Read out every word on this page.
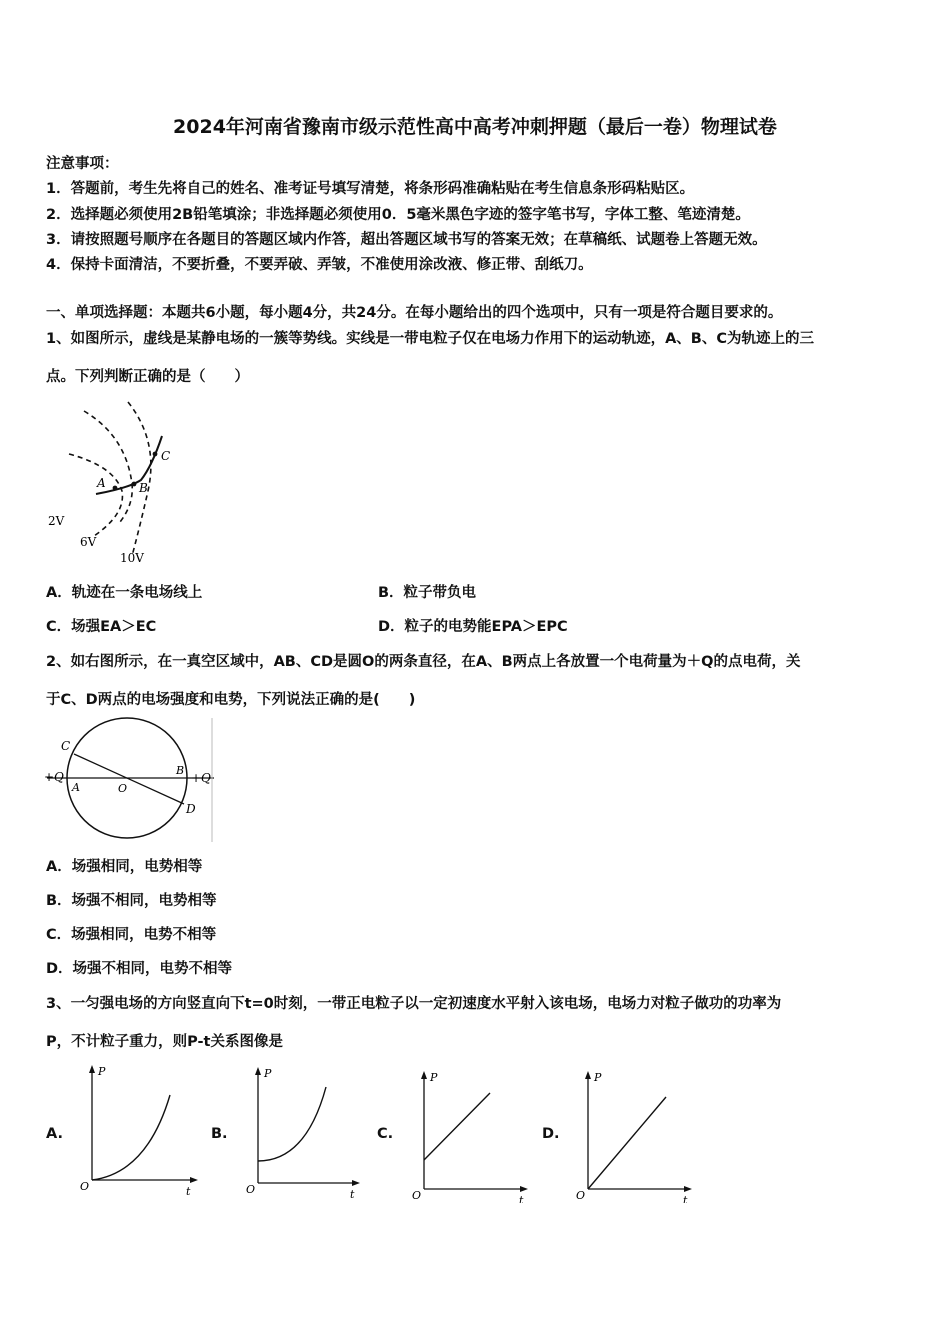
2024年河南省豫南市级示范性高中高考冲刺押题（最后一卷）物理试卷
注意事项：
1．答题前，考生先将自己的姓名、准考证号填写清楚，将条形码准确粘贴在考生信息条形码粘贴区。
2．选择题必须使用2B铅笔填涂；非选择题必须使用0．5毫米黑色字迹的签字笔书写，字体工整、笔迹清楚。
3．请按照题号顺序在各题目的答题区域内作答，超出答题区域书写的答案无效；在草稿纸、试题卷上答题无效。
4．保持卡面清洁，不要折叠，不要弄破、弄皱，不准使用涂改液、修正带、刮纸刀。
一、单项选择题：本题共6小题，每小题4分，共24分。在每小题给出的四个选项中，只有一项是符合题目要求的。
1、如图所示，虚线是某静电场的一簇等势线。实线是一带电粒子仅在电场力作用下的运动轨迹，A、B、C为轨迹上的三
点。下列判断正确的是（　　）
A	B
C
2V
6V
10V
A．轨迹在一条电场线上	B．粒子带负电
C．场强EA＞EC	D．粒子的电势能EPA＞EPC
2、如右图所示，在一真空区域中，AB、CD是圆O的两条直径，在A、B两点上各放置一个电荷量为＋Q的点电荷，关
于C、D两点的电场强度和电势，下列说法正确的是(　　)
C
+Q
A	O
B
+Q
D
A．场强相同，电势相等
B．场强不相同，电势相等
C．场强相同，电势不相等
D．场强不相同，电势不相等
3、一匀强电场的方向竖直向下t=0时刻，一带正电粒子以一定初速度水平射入该电场，电场力对粒子做功的功率为
P，不计粒子重力，则P-t关系图像是
A.	B.	C.	D.
P
O	t
P
O	t
P
O	t
P
O	t
